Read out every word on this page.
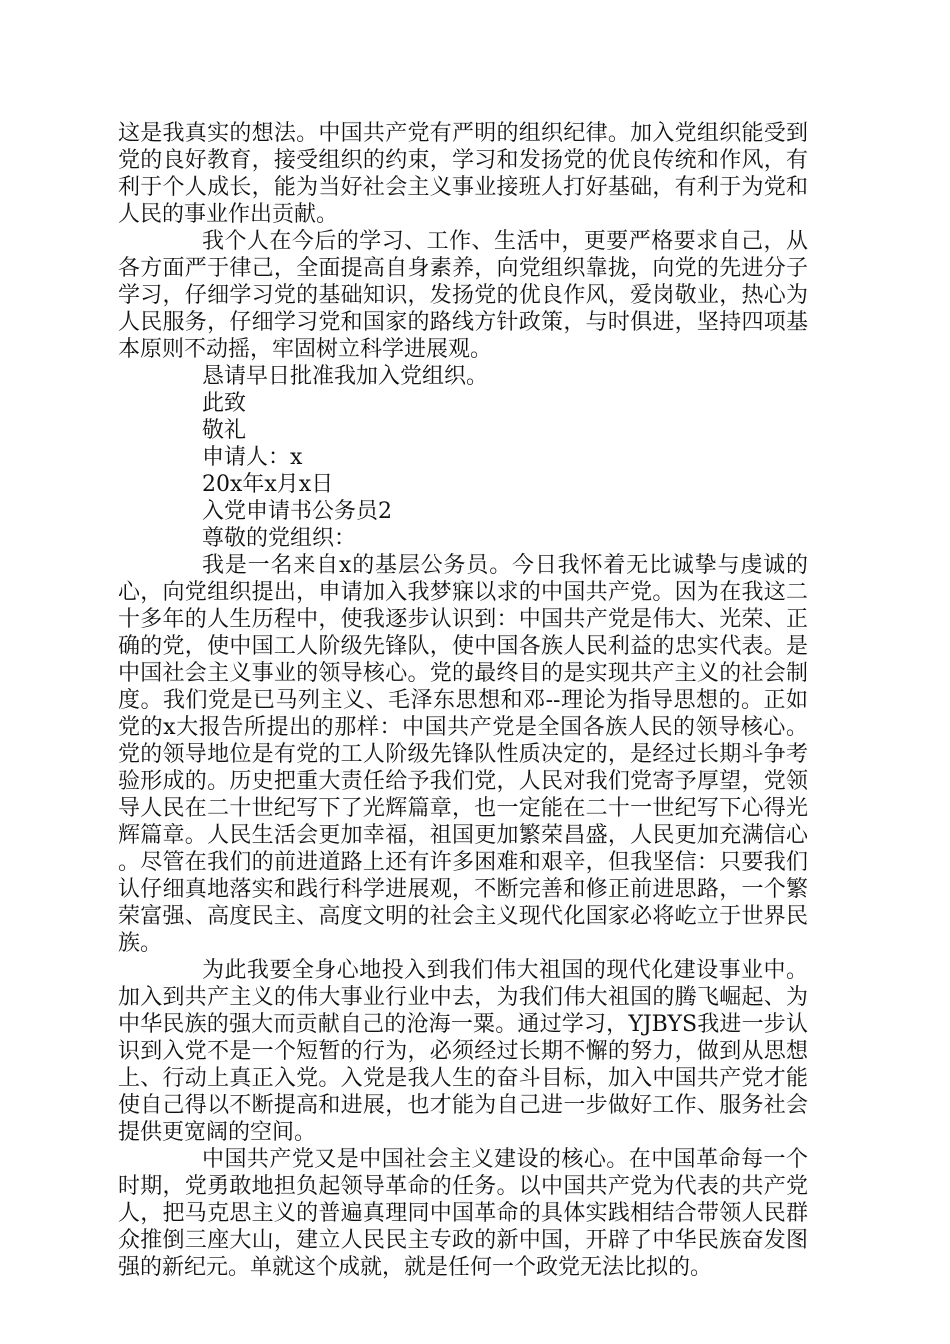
这是我真实的想法。中国共产党有严明的组织纪律。加入党组织能受到党的良好教育，接受组织的约束，学习和发扬党的优良传统和作风，有利于个人成长，能为当好社会主义事业接班人打好基础，有利于为党和人民的事业作出贡献。

我个人在今后的学习、工作、生活中，更要严格要求自己，从各方面严于律己，全面提高自身素养，向党组织靠拢，向党的先进分子学习，仔细学习党的基础知识，发扬党的优良作风，爱岗敬业，热心为人民服务，仔细学习党和国家的路线方针政策，与时俱进，坚持四项基本原则不动摇，牢固树立科学进展观。

恳请早日批准我加入党组织。

此致

敬礼

申请人：x

20x年x月x日

入党申请书公务员2

尊敬的党组织：

我是一名来自x的基层公务员。今日我怀着无比诚挚与虔诚的心，向党组织提出，申请加入我梦寐以求的中国共产党。因为在我这二十多年的人生历程中，使我逐步认识到：中国共产党是伟大、光荣、正确的党，使中国工人阶级先锋队，使中国各族人民利益的忠实代表。是中国社会主义事业的领导核心。党的最终目的是实现共产主义的社会制度。我们党是已马列主义、毛泽东思想和邓--理论为指导思想的。正如党的x大报告所提出的那样：中国共产党是全国各族人民的领导核心。党的领导地位是有党的工人阶级先锋队性质决定的，是经过长期斗争考验形成的。历史把重大责任给予我们党，人民对我们党寄予厚望，党领导人民在二十世纪写下了光辉篇章，也一定能在二十一世纪写下心得光辉篇章。人民生活会更加幸福，祖国更加繁荣昌盛，人民更加充满信心。尽管在我们的前进道路上还有许多困难和艰辛，但我坚信：只要我们认仔细真地落实和践行科学进展观，不断完善和修正前进思路，一个繁荣富强、高度民主、高度文明的社会主义现代化国家必将屹立于世界民族。

为此我要全身心地投入到我们伟大祖国的现代化建设事业中。加入到共产主义的伟大事业行业中去，为我们伟大祖国的腾飞崛起、为中华民族的强大而贡献自己的沧海一粟。通过学习，YJBYS我进一步认识到入党不是一个短暂的行为，必须经过长期不懈的努力，做到从思想上、行动上真正入党。入党是我人生的奋斗目标，加入中国共产党才能使自己得以不断提高和进展，也才能为自己进一步做好工作、服务社会提供更宽阔的空间。

中国共产党又是中国社会主义建设的核心。在中国革命每一个时期，党勇敢地担负起领导革命的任务。以中国共产党为代表的共产党人，把马克思主义的普遍真理同中国革命的具体实践相结合带领人民群众推倒三座大山，建立人民民主专政的新中国，开辟了中华民族奋发图强的新纪元。单就这个成就，就是任何一个政党无法比拟的。
